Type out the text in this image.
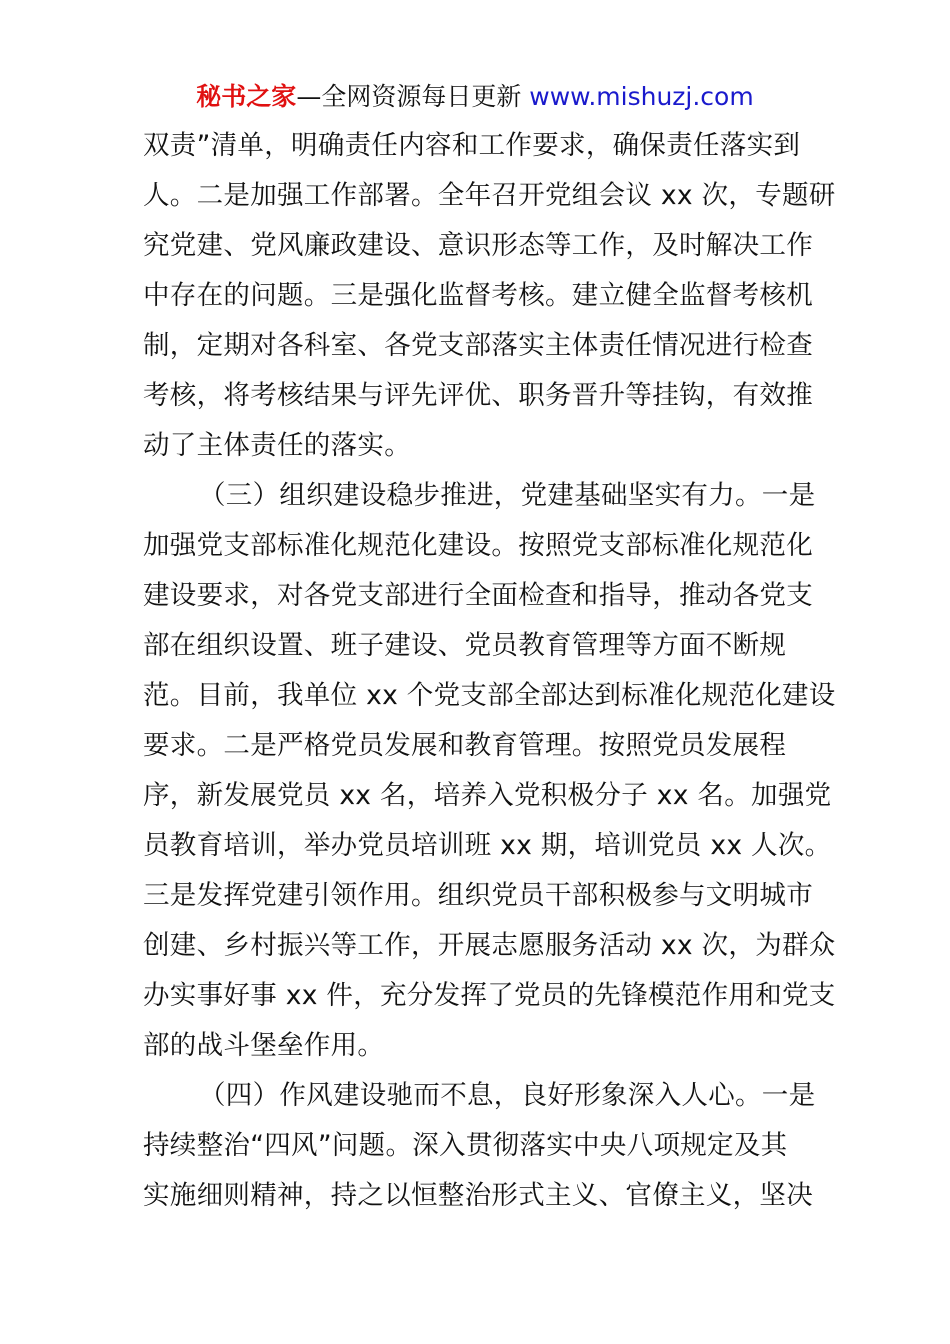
秘书之家—全网资源每日更新 www.mishuzj.com
双责”清单，明确责任内容和工作要求，确保责任落实到
人。二是加强工作部署。全年召开党组会议 xx 次，专题研
究党建、党风廉政建设、意识形态等工作，及时解决工作
中存在的问题。三是强化监督考核。建立健全监督考核机
制，定期对各科室、各党支部落实主体责任情况进行检查
考核，将考核结果与评先评优、职务晋升等挂钩，有效推
动了主体责任的落实。
（三）组织建设稳步推进，党建基础坚实有力。一是
加强党支部标准化规范化建设。按照党支部标准化规范化
建设要求，对各党支部进行全面检查和指导，推动各党支
部在组织设置、班子建设、党员教育管理等方面不断规
范。目前，我单位 xx 个党支部全部达到标准化规范化建设
要求。二是严格党员发展和教育管理。按照党员发展程
序，新发展党员 xx 名，培养入党积极分子 xx 名。加强党
员教育培训，举办党员培训班 xx 期，培训党员 xx 人次。
三是发挥党建引领作用。组织党员干部积极参与文明城市
创建、乡村振兴等工作，开展志愿服务活动 xx 次，为群众
办实事好事 xx 件，充分发挥了党员的先锋模范作用和党支
部的战斗堡垒作用。
（四）作风建设驰而不息，良好形象深入人心。一是
持续整治“四风”问题。深入贯彻落实中央八项规定及其
实施细则精神，持之以恒整治形式主义、官僚主义，坚决
